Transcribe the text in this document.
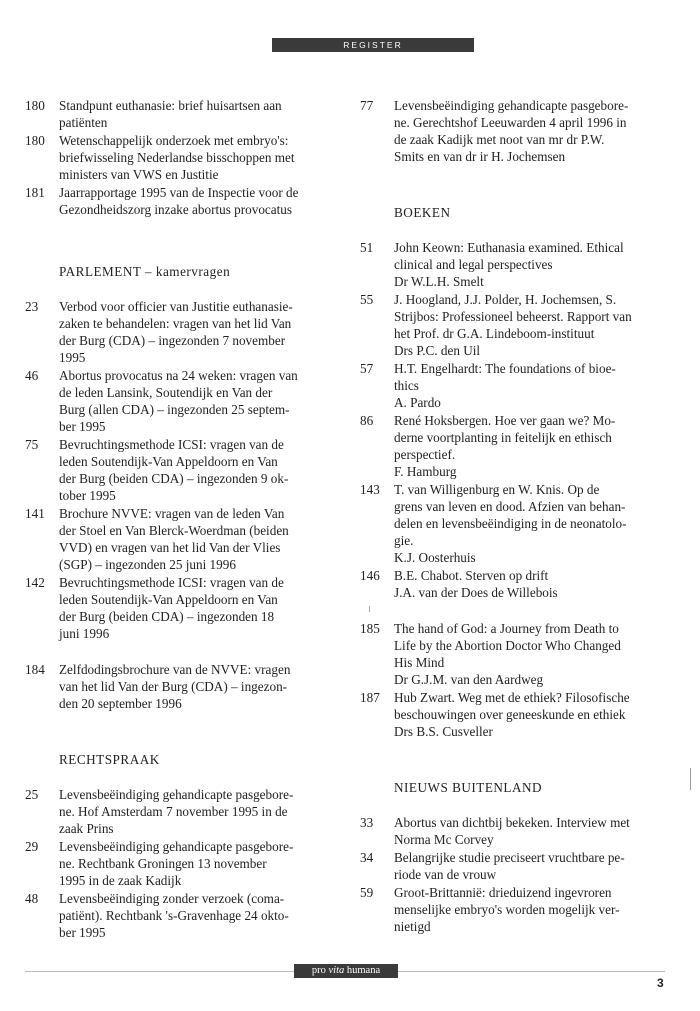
REGISTER
180	Standpunt euthanasie: brief huisartsen aan
patiënten
180	Wetenschappelijk onderzoek met embryo's:
briefwisseling Nederlandse bisschoppen met
ministers van VWS en Justitie
181	Jaarrapportage 1995 van de Inspectie voor de
Gezondheidszorg inzake abortus provocatus
PARLEMENT – kamervragen
23	Verbod voor officier van Justitie euthanasie-
zaken te behandelen: vragen van het lid Van
der Burg (CDA) – ingezonden 7 november
1995
46	Abortus provocatus na 24 weken: vragen van
de leden Lansink, Soutendijk en Van der
Burg (allen CDA) – ingezonden 25 septem-
ber 1995
75	Bevruchtingsmethode ICSI: vragen van de
leden Soutendijk-Van Appeldoorn en Van
der Burg (beiden CDA) – ingezonden 9 ok-
tober 1995
141	Brochure NVVE: vragen van de leden Van
der Stoel en Van Blerck-Woerdman (beiden
VVD) en vragen van het lid Van der Vlies
(SGP) – ingezonden 25 juni 1996
142	Bevruchtingsmethode ICSI: vragen van de
leden Soutendijk-Van Appeldoorn en Van
der Burg (beiden CDA) – ingezonden 18
juni 1996
184	Zelfdodingsbrochure van de NVVE: vragen
van het lid Van der Burg (CDA) – ingezon-
den 20 september 1996
RECHTSPRAAK
25	Levensbeëindiging gehandicapte pasgebore-
ne. Hof Amsterdam 7 november 1995 in de
zaak Prins
29	Levensbeëindiging gehandicapte pasgebore-
ne. Rechtbank Groningen 13 november
1995 in de zaak Kadijk
48	Levensbeëindiging zonder verzoek (coma-
patiënt). Rechtbank 's-Gravenhage 24 okto-
ber 1995
77	Levensbeëindiging gehandicapte pasgebore-
ne. Gerechtshof Leeuwarden 4 april 1996 in
de zaak Kadijk met noot van mr dr P.W.
Smits en van dr ir H. Jochemsen
BOEKEN
51	John Keown: Euthanasia examined. Ethical
clinical and legal perspectives
Dr W.L.H. Smelt
55	J. Hoogland, J.J. Polder, H. Jochemsen, S.
Strijbos: Professioneel beheerst. Rapport van
het Prof. dr G.A. Lindeboom-instituut
Drs P.C. den Uil
57	H.T. Engelhardt: The foundations of bioe-
thics
A. Pardo
86	René Hoksbergen. Hoe ver gaan we? Mo-
derne voortplanting in feitelijk en ethisch
perspectief.
F. Hamburg
143	T. van Willigenburg en W. Knis. Op de
grens van leven en dood. Afzien van behan-
delen en levensbeëindiging in de neonatolo-
gie.
K.J. Oosterhuis
146	B.E. Chabot. Sterven op drift
J.A. van der Does de Willebois
185	The hand of God: a Journey from Death to
Life by the Abortion Doctor Who Changed
His Mind
Dr G.J.M. van den Aardweg
187	Hub Zwart. Weg met de ethiek? Filosofische
beschouwingen over geneeskunde en ethiek
Drs B.S. Cusveller
NIEUWS BUITENLAND
33	Abortus van dichtbij bekeken. Interview met
Norma Mc Corvey
34	Belangrijke studie preciseert vruchtbare pe-
riode van de vrouw
59	Groot-Brittannië: drieduizend ingevroren
menselijke embryo's worden mogelijk ver-
nietigd
pro vita humana
3
